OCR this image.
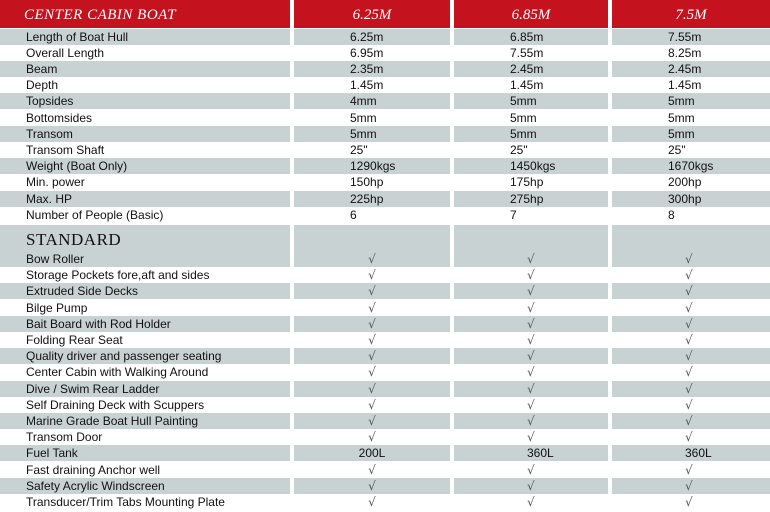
CENTER CABIN BOAT	6.25M	6.85M	7.5M
Length of Boat Hull	6.25m	6.85m	7.55m
Overall Length	6.95m	7.55m	8.25m
Beam	2.35m	2.45m	2.45m
Depth	1.45m	1.45m	1.45m
Topsides	4mm	5mm	5mm
Bottomsides	5mm	5mm	5mm
Transom	5mm	5mm	5mm
Transom Shaft	25"	25"	25"
Weight (Boat Only)	1290kgs	1450kgs	1670kgs
Min. power	150hp	175hp	200hp
Max. HP	225hp	275hp	300hp
Number of People (Basic)	6	7	8
STANDARD
Bow Roller	√	√	√
Storage Pockets fore,aft and sides	√	√	√
Extruded Side Decks	√	√	√
Bilge Pump	√	√	√
Bait Board with Rod Holder	√	√	√
Folding Rear Seat	√	√	√
Quality driver and passenger seating	√	√	√
Center Cabin with Walking Around	√	√	√
Dive / Swim Rear Ladder	√	√	√
Self Draining Deck with Scuppers	√	√	√
Marine Grade Boat Hull Painting	√	√	√
Transom Door	√	√	√
Fuel Tank	200L	360L	360L
Fast draining Anchor well	√	√	√
Safety Acrylic Windscreen	√	√	√
Transducer/Trim Tabs Mounting Plate	√	√	√
